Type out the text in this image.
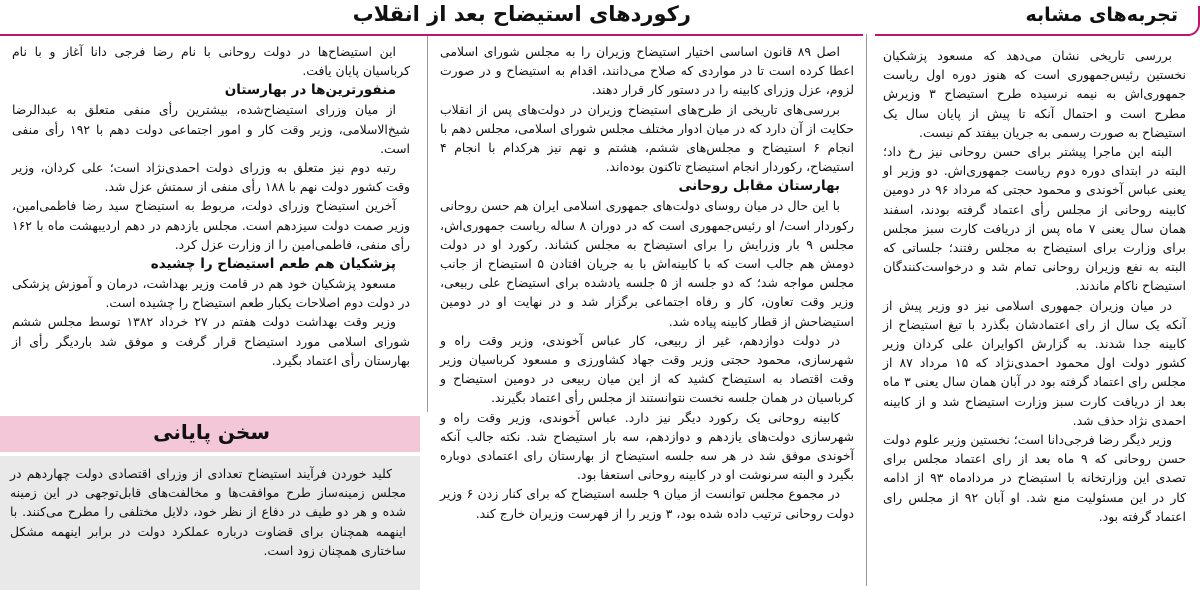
تجربه‌های مشابه

بررسی تاریخی نشان می‌دهد که مسعود پزشکیان نخستین رئیس‌جمهوری است که هنوز دوره اول ریاست جمهوری‌اش به نیمه نرسیده طرح استیضاح ۳ وزیرش مطرح است و احتمال آنکه تا پیش از پایان سال یک استیضاح به صورت رسمی به جریان بیفتد کم نیست.

البته این ماجرا پیشتر برای حسن روحانی نیز رخ داد؛ البته در ابتدای دوره دوم ریاست جمهوری‌اش. دو وزیر او یعنی عباس آخوندی و محمود حجتی که مرداد ۹۶ در دومین کابینه روحانی از مجلس رأی اعتماد گرفته بودند، اسفند همان سال یعنی ۷ ماه پس از دریافت کارت سبز مجلس برای وزارت برای استیضاح به مجلس رفتند؛ جلساتی که البته به نفع وزیران روحانی تمام شد و درخواست‌کنندگان استیضاح ناکام ماندند.

در میان وزیران جمهوری اسلامی نیز دو وزیر پیش از آنکه یک سال از رای اعتمادشان بگذرد با تیغ استیضاح از کابینه جدا شدند. به گزارش اکوایران علی کردان وزیر کشور دولت اول محمود احمدی‌نژاد که ۱۵ مرداد ۸۷ از مجلس رای اعتماد گرفته بود در آبان همان سال یعنی ۳ ماه بعد از دریافت کارت سبز وزارت استیضاح شد و از کابینه احمدی نژاد حذف شد.

وزیر دیگر رضا فرجی‌دانا است؛ نخستین وزیر علوم دولت حسن روحانی که ۹ ماه بعد از رای اعتماد مجلس برای تصدی این وزارتخانه با استیضاح در مردادماه ۹۳ از ادامه کار در این مسئولیت منع شد. او آبان ۹۲ از مجلس رای اعتماد گرفته بود.

رکوردهای استیضاح بعد از انقلاب

اصل ۸۹ قانون اساسی اختیار استیضاح وزیران را به مجلس شورای اسلامی اعطا کرده است تا در مواردی که صلاح می‌دانند، اقدام به استیضاح و در صورت لزوم، عزل وزرای کابینه را در دستور کار قرار دهند.

بررسی‌های تاریخی از طرح‌های استیضاح وزیران در دولت‌های پس از انقلاب حکایت از آن دارد که در میان ادوار مختلف مجلس شورای اسلامی، مجلس دهم با انجام ۶ استیضاح و مجلس‌های ششم، هشتم و نهم نیز هرکدام با انجام ۴ استیضاح، رکوردار انجام استیضاح تاکنون بوده‌اند.

بهارستان مقابل روحانی

با این حال در میان روسای دولت‌های جمهوری اسلامی ایران هم حسن روحانی رکوردار است/ او رئیس‌جمهوری است که در دوران ۸ ساله ریاست جمهوری‌اش، مجلس ۹ بار وزرایش را برای استیضاح به مجلس کشاند. رکورد او در دولت دومش هم جالب است که با کابینه‌اش با به جریان افتادن ۵ استیضاح از جانب مجلس مواجه شد؛ که دو جلسه از ۵ جلسه یادشده برای استیضاح علی ربیعی، وزیر وقت تعاون، کار و رفاه اجتماعی برگزار شد و در نهایت او در دومین استیضاحش از قطار کابینه پیاده شد.

در دولت دوازدهم، غیر از ربیعی، کار عباس آخوندی، وزیر وقت راه و شهرسازی، محمود حجتی وزیر وقت جهاد کشاورزی و مسعود کرباسیان وزیر وقت اقتصاد به استیضاح کشید که از این میان ربیعی در دومین استیضاح و کرباسیان در همان جلسه نخست نتوانستند از مجلس رأی اعتماد بگیرند.

کابینه روحانی یک رکورد دیگر نیز دارد. عباس آخوندی، وزیر وقت راه و شهرسازی دولت‌های یازدهم و دوازدهم، سه بار استیضاح شد. نکته جالب آنکه آخوندی موفق شد در هر سه جلسه استیضاح از بهارستان رای اعتمادی دوباره بگیرد و البته سرنوشت او در کابینه روحانی استعفا بود.

در مجموع مجلس توانست از میان ۹ جلسه استیضاح که برای کنار زدن ۶ وزیر دولت روحانی ترتیب داده شده بود، ۳ وزیر را از فهرست وزیران خارج کند.

این استیضاح‌ها در دولت روحانی با نام رضا فرجی دانا آغاز و با نام کرباسیان پایان یافت.

منفورترین‌ها در بهارستان

از میان وزرای استیضاح‌شده، بیشترین رأی منفی متعلق به عبدالرضا شیخ‌الاسلامی، وزیر وقت کار و امور اجتماعی دولت دهم با ۱۹۲ رأی منفی است.

رتبه دوم نیز متعلق به وزرای دولت احمدی‌نژاد است؛ علی کردان، وزیر وقت کشور دولت نهم با ۱۸۸ رأی منفی از سمتش عزل شد.

آخرین استیضاح وزرای دولت، مربوط به استیضاح سید رضا فاطمی‌امین، وزیر صمت دولت سیزدهم است. مجلس یازدهم در دهم اردیبهشت ماه با ۱۶۲ رأی منفی، فاطمی‌امین را از وزارت عزل کرد.

پزشکیان هم طعم استیضاح را چشیده

مسعود پزشکیان خود هم در قامت وزیر بهداشت، درمان و آموزش پزشکی در دولت دوم اصلاحات یکبار طعم استیضاح را چشیده است.

وزیر وقت بهداشت دولت هفتم در ۲۷ خرداد ۱۳۸۲ توسط مجلس ششم شورای اسلامی مورد استیضاح قرار گرفت و موفق شد باردیگر رأی از بهارستان رأی اعتماد بگیرد.

سخن پایانی

کلید خوردن فرآیند استیضاح تعدادی از وزرای اقتصادی دولت چهاردهم در مجلس زمینه‌ساز طرح موافقت‌ها و مخالفت‌های قابل‌توجهی در این زمینه شده و هر دو طیف در دفاع از نظر خود، دلایل مختلفی را مطرح می‌کنند. با اینهمه همچنان برای قضاوت درباره عملکرد دولت در برابر اینهمه مشکل ساختاری همچنان زود است.
